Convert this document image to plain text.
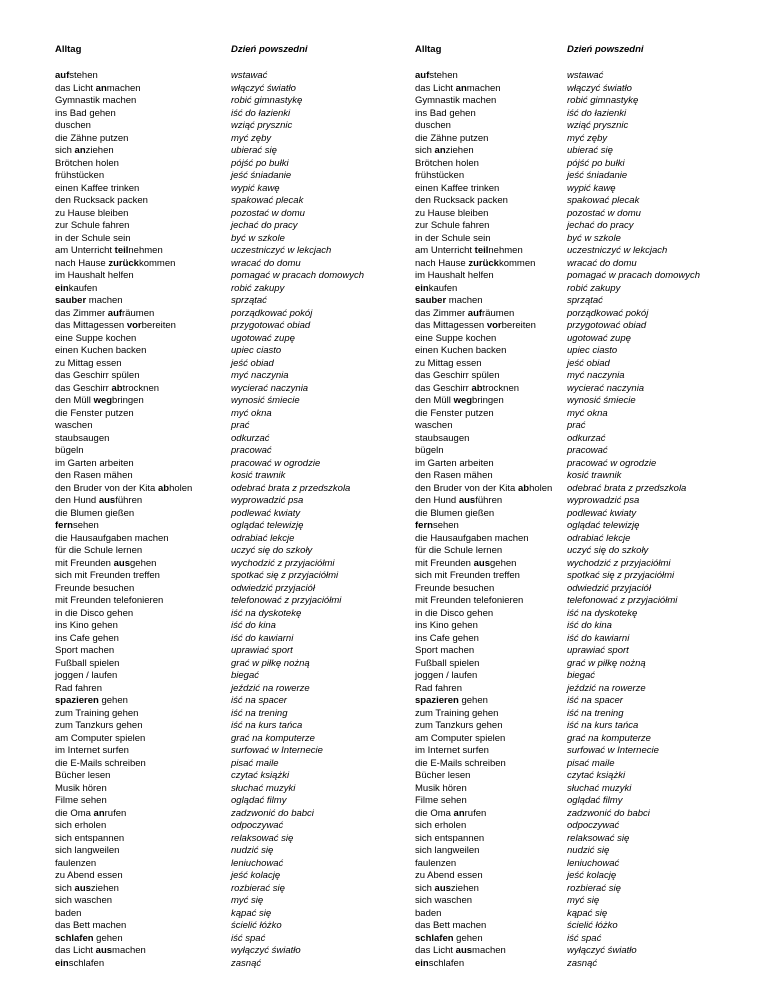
Alltag
aufstehen
das Licht anmachen
Gymnastik machen
ins Bad gehen
duschen
die Zähne putzen
sich anziehen
Brötchen holen
frühstücken
einen Kaffee trinken
den Rucksack packen
zu Hause bleiben
zur Schule fahren
in der Schule sein
am Unterricht teilnehmen
nach Hause zurückkommen
im Haushalt helfen
einkaufen
sauber machen
das Zimmer aufräumen
das Mittagessen vorbereiten
eine Suppe kochen
einen Kuchen backen
zu Mittag essen
das Geschirr spülen
das Geschirr abtrocknen
den Müll wegbringen
die Fenster putzen
waschen
staubsaugen
bügeln
im Garten arbeiten
den Rasen mähen
den Bruder von der Kita abholen
den Hund ausführen
die Blumen gießen
fernsehen
die Hausaufgaben machen
für die Schule lernen
mit Freunden ausgehen
sich mit Freunden treffen
Freunde besuchen
mit Freunden telefonieren
in die Disco gehen
ins Kino gehen
ins Cafe gehen
Sport machen
Fußball spielen
joggen / laufen
Rad fahren
spazieren gehen
zum Training gehen
zum Tanzkurs gehen
am Computer spielen
im Internet surfen
die E-Mails schreiben
Bücher lesen
Musik hören
Filme sehen
die Oma anrufen
sich erholen
sich entspannen
sich langweilen
faulenzen
zu Abend essen
sich ausziehen
sich waschen
baden
das Bett machen
schlafen gehen
das Licht ausmachen
einschlafen
Dzień powszedni
wstawać
włączyć światło
robić gimnastykę
iść do łazienki
wziąć prysznic
myć zęby
ubierać się
pójść po bułki
jeść śniadanie
wypić kawę
spakować plecak
pozostać w domu
jechać do pracy
być w szkole
uczestniczyć w lekcjach
wracać do domu
pomagać w pracach domowych
robić zakupy
sprzątać
porządkować pokój
przygotować obiad
ugotować zupę
upiec ciasto
jeść obiad
myć naczynia
wycierać naczynia
wynosić śmiecie
myć okna
prać
odkurzać
pracować
pracować w ogrodzie
kosić trawnik
odebrać brata z przedszkola
wyprowadzić psa
podlewać kwiaty
oglądać telewizję
odrabiać lekcje
uczyć się do szkoły
wychodzić z przyjaciółmi
spotkać się z przyjaciółmi
odwiedzić przyjaciół
telefonować z przyjaciółmi
iść na dyskotekę
iść do kina
iść do kawiarni
uprawiać sport
grać w piłkę nożną
biegać
jeździć na rowerze
iść na spacer
iść na trening
iść na kurs tańca
grać na komputerze
surfować w Internecie
pisać maile
czytać książki
słuchać muzyki
oglądać filmy
zadzwonić do babci
odpoczywać
relaksować się
nudzić się
leniuchować
jeść kolację
rozbierać się
myć się
kąpać się
ścielić łóżko
iść spać
wyłączyć światło
zasnąć
Alltag
aufstehen
das Licht anmachen
Gymnastik machen
ins Bad gehen
duschen
die Zähne putzen
sich anziehen
Brötchen holen
frühstücken
einen Kaffee trinken
den Rucksack packen
zu Hause bleiben
zur Schule fahren
in der Schule sein
am Unterricht teilnehmen
nach Hause zurückkommen
im Haushalt helfen
einkaufen
sauber machen
das Zimmer aufräumen
das Mittagessen vorbereiten
eine Suppe kochen
einen Kuchen backen
zu Mittag essen
das Geschirr spülen
das Geschirr abtrocknen
den Müll wegbringen
die Fenster putzen
waschen
staubsaugen
bügeln
im Garten arbeiten
den Rasen mähen
den Bruder von der Kita abholen
den Hund ausführen
die Blumen gießen
fernsehen
die Hausaufgaben machen
für die Schule lernen
mit Freunden ausgehen
sich mit Freunden treffen
Freunde besuchen
mit Freunden telefonieren
in die Disco gehen
ins Kino gehen
ins Cafe gehen
Sport machen
Fußball spielen
joggen / laufen
Rad fahren
spazieren gehen
zum Training gehen
zum Tanzkurs gehen
am Computer spielen
im Internet surfen
die E-Mails schreiben
Bücher lesen
Musik hören
Filme sehen
die Oma anrufen
sich erholen
sich entspannen
sich langweilen
faulenzen
zu Abend essen
sich ausziehen
sich waschen
baden
das Bett machen
schlafen gehen
das Licht ausmachen
einschlafen
Dzień powszedni
wstawać
włączyć światło
robić gimnastykę
iść do łazienki
wziąć prysznic
myć zęby
ubierać się
pójść po bułki
jeść śniadanie
wypić kawę
spakować plecak
pozostać w domu
jechać do pracy
być w szkole
uczestniczyć w lekcjach
wracać do domu
pomagać w pracach domowych
robić zakupy
sprzątać
porządkować pokój
przygotować obiad
ugotować zupę
upiec ciasto
jeść obiad
myć naczynia
wycierać naczynia
wynosić śmiecie
myć okna
prać
odkurzać
pracować
pracować w ogrodzie
kosić trawnik
odebrać brata z przedszkola
wyprowadzić psa
podlewać kwiaty
oglądać telewizję
odrabiać lekcje
uczyć się do szkoły
wychodzić z przyjaciółmi
spotkać się z przyjaciółmi
odwiedzić przyjaciół
telefonować z przyjaciółmi
iść na dyskotekę
iść do kina
iść do kawiarni
uprawiać sport
grać w piłkę nożną
biegać
jeździć na rowerze
iść na spacer
iść na trening
iść na kurs tańca
grać na komputerze
surfować w Internecie
pisać maile
czytać książki
słuchać muzyki
oglądać filmy
zadzwonić do babci
odpoczywać
relaksować się
nudzić się
leniuchować
jeść kolację
rozbierać się
myć się
kąpać się
ścielić łóżko
iść spać
wyłączyć światło
zasnąć
